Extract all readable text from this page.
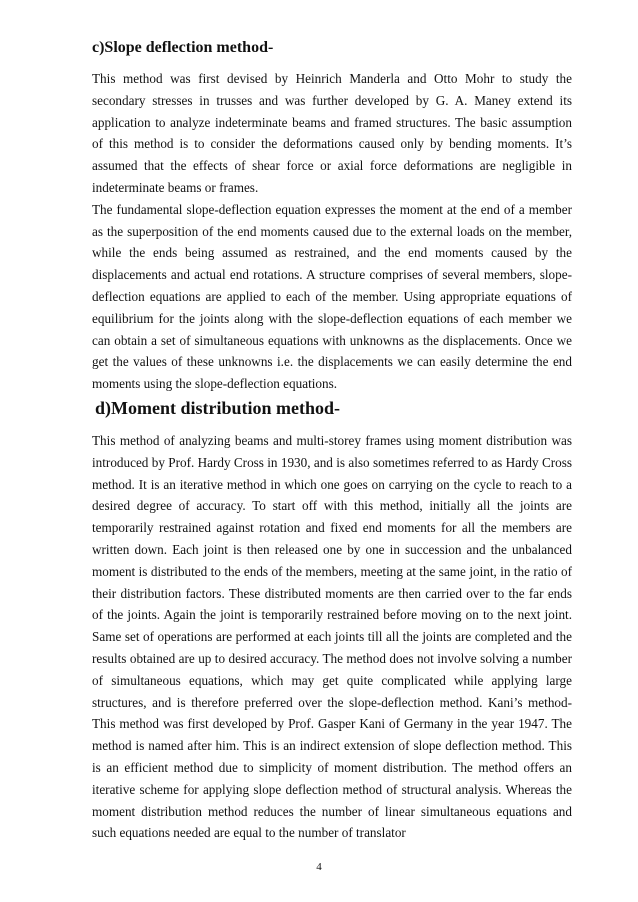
c)Slope deflection method-

This method was first devised by Heinrich Manderla and Otto Mohr to study the secondary stresses in trusses and was further developed by G. A. Maney extend its application to analyze indeterminate beams and framed structures. The basic assumption of this method is to consider the deformations caused only by bending moments. It’s assumed that the effects of shear force or axial force deformations are negligible in indeterminate beams or frames.

The fundamental slope-deflection equation expresses the moment at the end of a member as the superposition of the end moments caused due to the external loads on the member, while the ends being assumed as restrained, and the end moments caused by the displacements and actual end rotations. A structure comprises of several members, slope-deflection equations are applied to each of the member. Using appropriate equations of equilibrium for the joints along with the slope-deflection equations of each member we can obtain a set of simultaneous equations with unknowns as the displacements. Once we get the values of these unknowns i.e. the displacements we can easily determine the end moments using the slope-deflection equations.

d)Moment distribution method-

This method of analyzing beams and multi-storey frames using moment distribution was introduced by Prof. Hardy Cross in 1930, and is also sometimes referred to as Hardy Cross method. It is an iterative method in which one goes on carrying on the cycle to reach to a desired degree of accuracy. To start off with this method, initially all the joints are temporarily restrained against rotation and fixed end moments for all the members are written down. Each joint is then released one by one in succession and the unbalanced moment is distributed to the ends of the members, meeting at the same joint, in the ratio of their distribution factors. These distributed moments are then carried over to the far ends of the joints. Again the joint is temporarily restrained before moving on to the next joint. Same set of operations are performed at each joints till all the joints are completed and the results obtained are up to desired accuracy. The method does not involve solving a number of simultaneous equations, which may get quite complicated while applying large structures, and is therefore preferred over the slope-deflection method. Kani’s method- This method was first developed by Prof. Gasper Kani of Germany in the year 1947. The method is named after him. This is an indirect extension of slope deflection method. This is an efficient method due to simplicity of moment distribution. The method offers an iterative scheme for applying slope deflection method of structural analysis. Whereas the moment distribution method reduces the number of linear simultaneous equations and such equations needed are equal to the number of translator

4
